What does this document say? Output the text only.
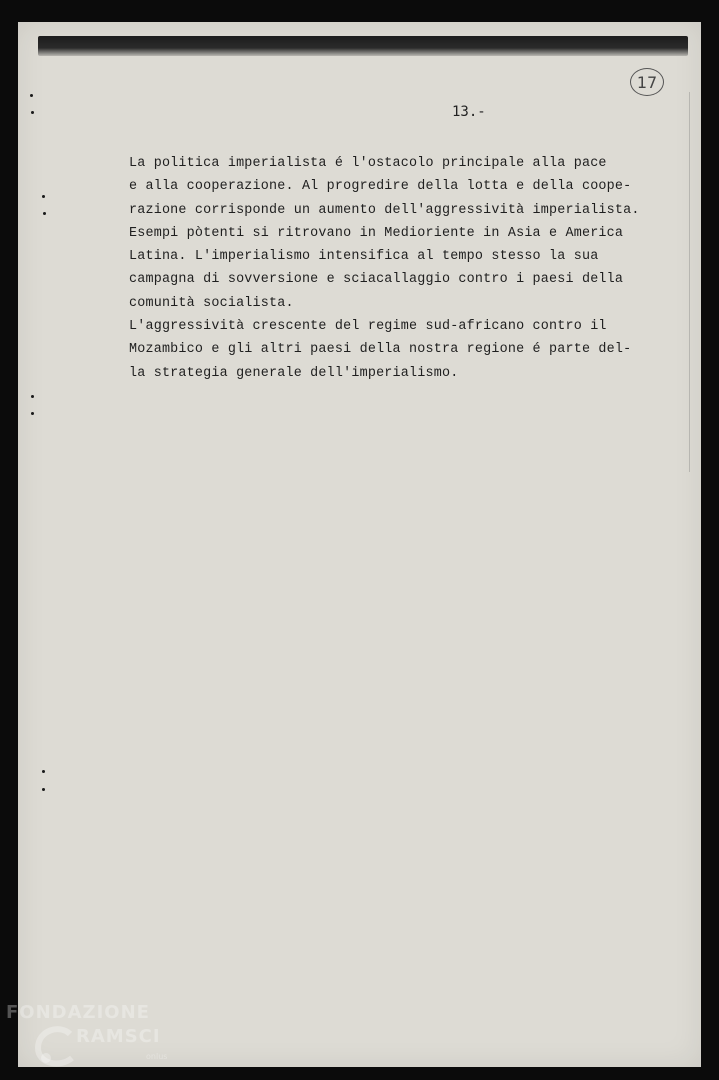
17
13.-
La politica imperialista é l'ostacolo principale alla pace
e alla cooperazione. Al progredire della lotta e della coope-
razione corrisponde un aumento dell'aggressività imperialista.
Esempi pòtenti si ritrovano in Medioriente in Asia e America
Latina. L'imperialismo intensifica al tempo stesso la sua
campagna di sovversione e sciacallaggio contro i paesi della
comunità socialista.
L'aggressività crescente del regime sud-africano contro il
Mozambico e gli altri paesi della nostra regione é parte del-
la strategia generale dell'imperialismo.
FONDAZIONE
RAMSCI
onlus
